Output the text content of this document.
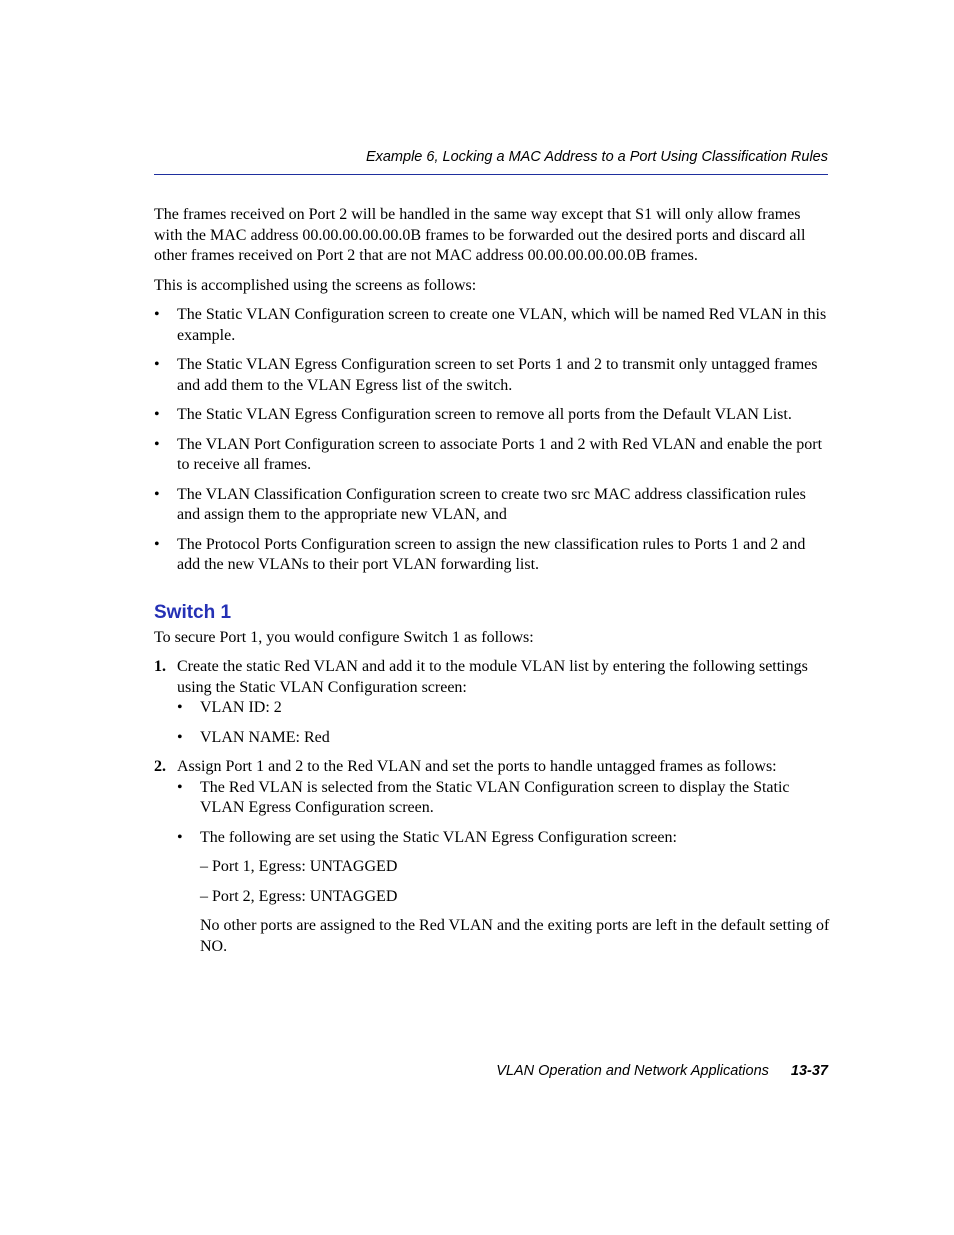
Example 6, Locking a MAC Address to a Port Using Classification Rules

The frames received on Port 2 will be handled in the same way except that S1 will only allow frames with the MAC address 00.00.00.00.00.0B frames to be forwarded out the desired ports and discard all other frames received on Port 2 that are not MAC address 00.00.00.00.00.0B frames.

This is accomplished using the screens as follows:

• The Static VLAN Configuration screen to create one VLAN, which will be named Red VLAN in this example.
• The Static VLAN Egress Configuration screen to set Ports 1 and 2 to transmit only untagged frames and add them to the VLAN Egress list of the switch.
• The Static VLAN Egress Configuration screen to remove all ports from the Default VLAN List.
• The VLAN Port Configuration screen to associate Ports 1 and 2 with Red VLAN and enable the port to receive all frames.
• The VLAN Classification Configuration screen to create two src MAC address classification rules and assign them to the appropriate new VLAN, and
• The Protocol Ports Configuration screen to assign the new classification rules to Ports 1 and 2 and add the new VLANs to their port VLAN forwarding list.
Switch 1

To secure Port 1, you would configure Switch 1 as follows:

1. Create the static Red VLAN and add it to the module VLAN list by entering the following settings using the Static VLAN Configuration screen:
• VLAN ID: 2
• VLAN NAME: Red
2. Assign Port 1 and 2 to the Red VLAN and set the ports to handle untagged frames as follows:
• The Red VLAN is selected from the Static VLAN Configuration screen to display the Static VLAN Egress Configuration screen.
• The following are set using the Static VLAN Egress Configuration screen:

– Port 1, Egress: UNTAGGED

– Port 2, Egress: UNTAGGED

No other ports are assigned to the Red VLAN and the exiting ports are left in the default setting of NO.

VLAN Operation and Network Applications 13-37
